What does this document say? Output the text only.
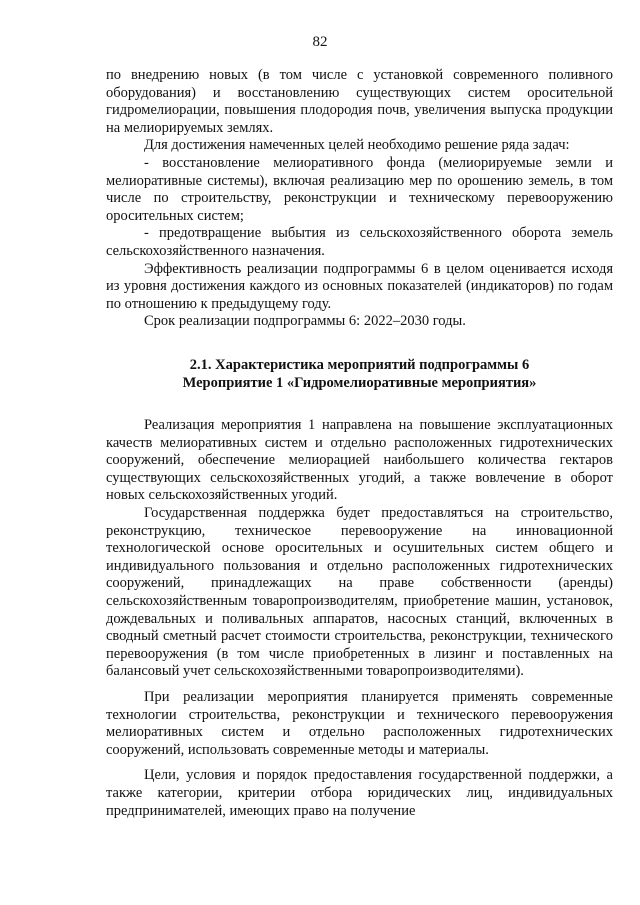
82

по внедрению новых (в том числе с установкой современного поливного оборудования) и восстановлению существующих систем оросительной гидромелиорации, повышения плодородия почв, увеличения выпуска продукции на мелиорируемых землях.

Для достижения намеченных целей необходимо решение ряда задач:

- восстановление мелиоративного фонда (мелиорируемые земли и мелиоративные системы), включая реализацию мер по орошению земель, в том числе по строительству, реконструкции и техническому перевооружению оросительных систем;

- предотвращение выбытия из сельскохозяйственного оборота земель сельскохозяйственного назначения.

Эффективность реализации подпрограммы 6 в целом оценивается исходя из уровня достижения каждого из основных показателей (индикаторов) по годам по отношению к предыдущему году.

Срок реализации подпрограммы 6: 2022–2030 годы.

2.1. Характеристика мероприятий подпрограммы 6
Мероприятие 1 «Гидромелиоративные мероприятия»

Реализация мероприятия 1 направлена на повышение эксплуатационных качеств мелиоративных систем и отдельно расположенных гидротехнических сооружений, обеспечение мелиорацией наибольшего количества гектаров существующих сельскохозяйственных угодий, а также вовлечение в оборот новых сельскохозяйственных угодий.

Государственная поддержка будет предоставляться на строительство, реконструкцию, техническое перевооружение на инновационной технологической основе оросительных и осушительных систем общего и индивидуального пользования и отдельно расположенных гидротехнических сооружений, принадлежащих на праве собственности (аренды) сельскохозяйственным товаропроизводителям, приобретение машин, установок, дождевальных и поливальных аппаратов, насосных станций, включенных в сводный сметный расчет стоимости строительства, реконструкции, технического перевооружения (в том числе приобретенных в лизинг и поставленных на балансовый учет сельскохозяйственными товаропроизводителями).

При реализации мероприятия планируется применять современные технологии строительства, реконструкции и технического перевооружения мелиоративных систем и отдельно расположенных гидротехнических сооружений, использовать современные методы и материалы.

Цели, условия и порядок предоставления государственной поддержки, а также категории, критерии отбора юридических лиц, индивидуальных предпринимателей, имеющих право на получение
